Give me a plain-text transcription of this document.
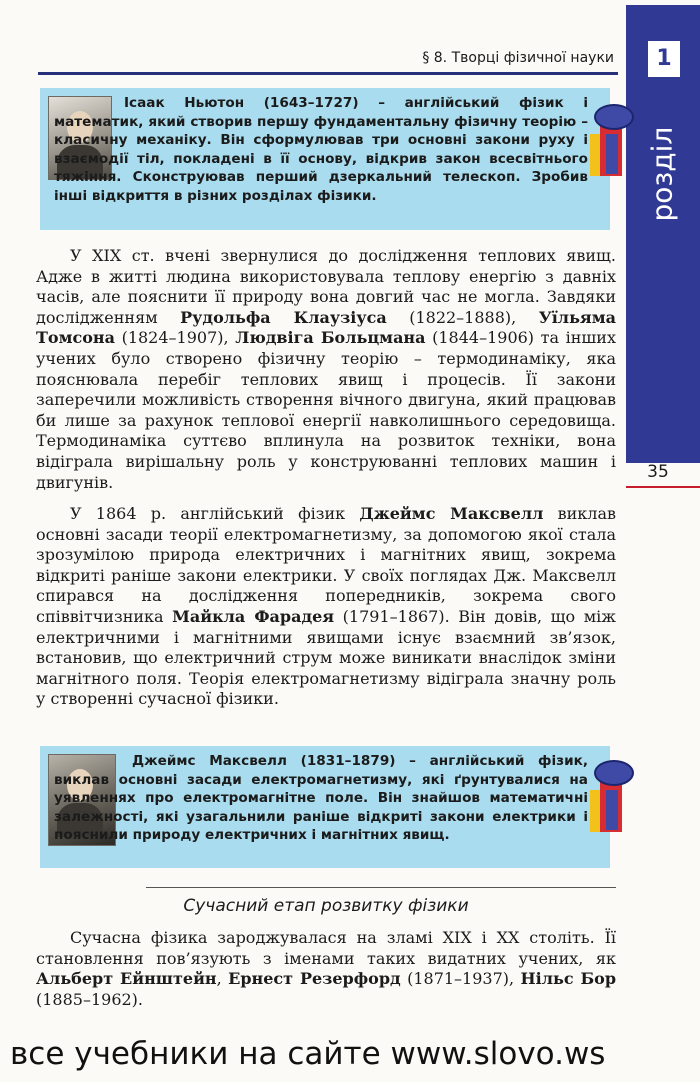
§ 8. Творці фізичної науки	1
розділ
35
Ісаак Ньютон (1643–1727) – англійський фізик і математик, який створив першу фундаментальну фізичну теорію – класичну механіку. Він сформулював три основні закони руху і взаємодії тіл, покладені в її основу, відкрив закон всесвітнього тяжіння. Сконструював перший дзеркальний телескоп. Зробив інші відкриття в різних розділах фізики.
У XIX ст. вчені звернулися до дослідження теплових явищ. Адже в житті людина використовувала теплову енергію з давніх часів, але пояснити її природу вона довгий час не могла. Завдяки дослідженням Рудольфа Клаузіуса (1822–1888), Уїльяма Томсона (1824–1907), Людвіга Больцмана (1844–1906) та інших учених було створено фізичну теорію – термодинаміку, яка пояснювала перебіг теплових явищ і процесів. Її закони заперечили можливість створення вічного двигуна, який працював би лише за рахунок теплової енергії навколишнього середовища. Термодинаміка суттєво вплинула на розвиток техніки, вона відіграла вирішальну роль у конструюванні теплових машин і двигунів.
У 1864 р. англійський фізик Джеймс Максвелл виклав основні засади теорії електромагнетизму, за допомогою якої стала зрозумілою природа електричних і магнітних явищ, зокрема відкриті раніше закони електрики. У своїх поглядах Дж. Максвелл спирався на дослідження попередників, зокрема свого співвітчизника Майкла Фарадея (1791–1867). Він довів, що між електричними і магнітними явищами існує взаємний зв’язок, встановив, що електричний струм може виникати внаслідок зміни магнітного поля. Теорія електромагнетизму відіграла значну роль у створенні сучасної фізики.
Джеймс Максвелл (1831–1879) – англійський фізик, виклав основні засади електромагнетизму, які ґрунтувалися на уявленнях про електромагнітне поле. Він знайшов математичні залежності, які узагальнили раніше відкриті закони електрики і пояснили природу електричних і магнітних явищ.
Сучасний етап розвитку фізики
Сучасна фізика зароджувалася на зламі XIX і XX століть. Її становлення пов’язують з іменами таких видатних учених, як Альберт Ейнштейн, Ернест Резерфорд (1871–1937), Нільс Бор (1885–1962).
все учебники на сайте www.slovo.ws
